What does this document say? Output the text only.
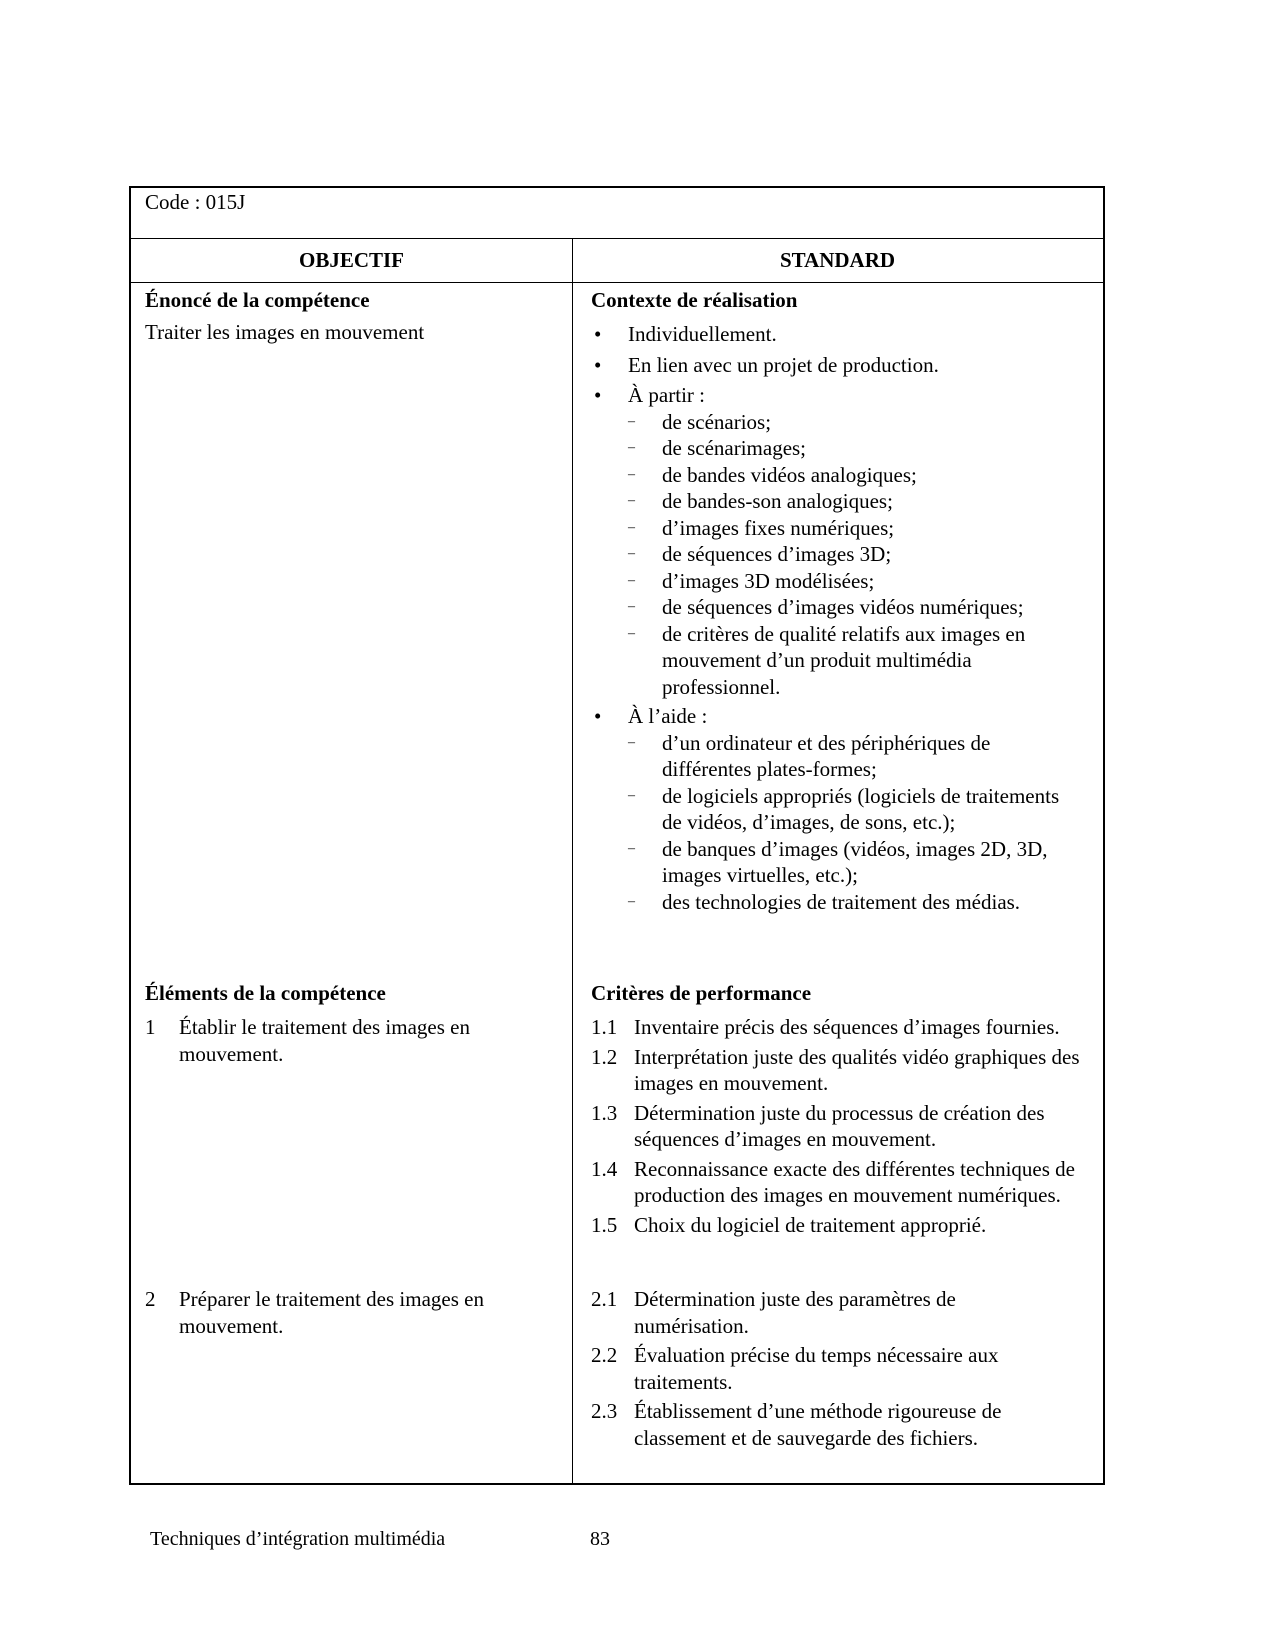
Code : 015J
OBJECTIF	STANDARD
Énoncé de la compétence
Traiter les images en mouvement
Contexte de réalisation
• Individuellement.
• En lien avec un projet de production.
• À partir :
– de scénarios;
– de scénarimages;
– de bandes vidéos analogiques;
– de bandes-son analogiques;
– d’images fixes numériques;
– de séquences d’images 3D;
– d’images 3D modélisées;
– de séquences d’images vidéos numériques;
– de critères de qualité relatifs aux images en mouvement d’un produit multimédia professionnel.
• À l’aide :
– d’un ordinateur et des périphériques de différentes plates-formes;
– de logiciels appropriés (logiciels de traitements de vidéos, d’images, de sons, etc.);
– de banques d’images (vidéos, images 2D, 3D, images virtuelles, etc.);
– des technologies de traitement des médias.
Éléments de la compétence
1 Établir le traitement des images en mouvement.
2 Préparer le traitement des images en mouvement.
Critères de performance
1.1 Inventaire précis des séquences d’images fournies.
1.2 Interprétation juste des qualités vidéo graphiques des images en mouvement.
1.3 Détermination juste du processus de création des séquences d’images en mouvement.
1.4 Reconnaissance exacte des différentes techniques de production des images en mouvement numériques.
1.5 Choix du logiciel de traitement approprié.
2.1 Détermination juste des paramètres de numérisation.
2.2 Évaluation précise du temps nécessaire aux traitements.
2.3 Établissement d’une méthode rigoureuse de classement et de sauvegarde des fichiers.
Techniques d’intégration multimédia	83
